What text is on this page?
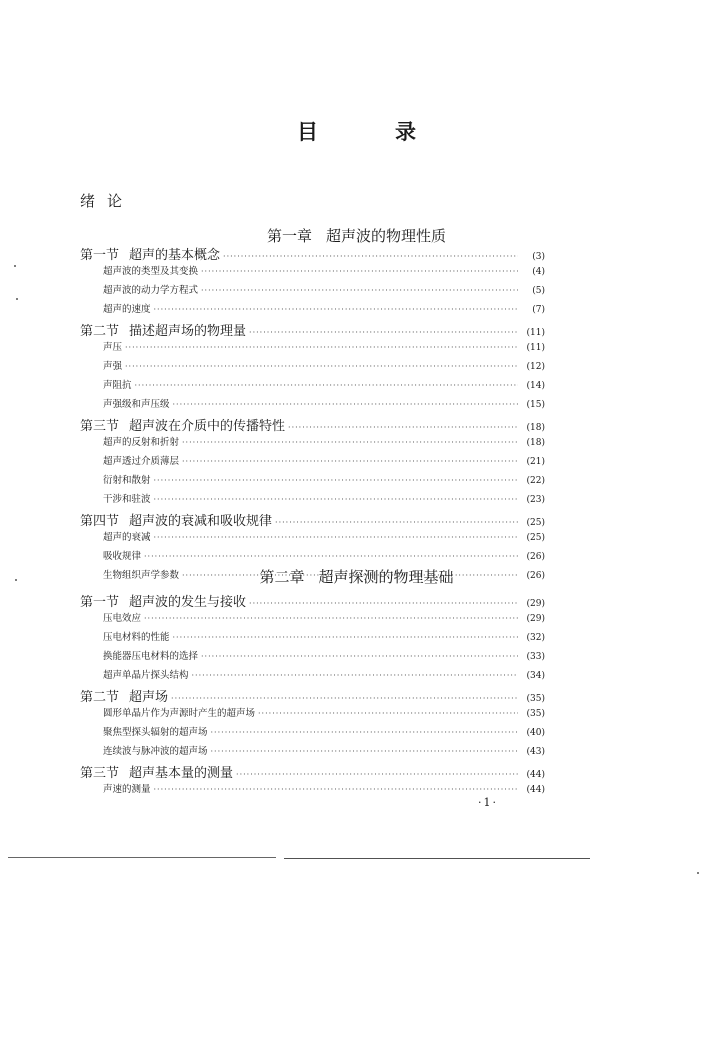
目　录
绪论
第一章 超声波的物理性质
第一节 超声的基本概念 ·····	(3)
超声波的类型及其变换 ·····	(4)
超声波的动力学方程式 ·····	(5)
超声的速度 ·····	(7)
第二节 描述超声场的物理量 ·····	(11)
声压 ·····	(11)
声强 ·····	(12)
声阻抗 ·····	(14)
声强级和声压级 ·····	(15)
第三节 超声波在介质中的传播特性 ·····	(18)
超声的反射和折射 ·····	(18)
超声透过介质薄层 ·····	(21)
衍射和散射 ·····	(22)
干涉和驻波 ·····	(23)
第四节 超声波的衰减和吸收规律 ·····	(25)
超声的衰减 ·····	(25)
吸收规律 ·····	(26)
生物组织声学参数 ·····	(26)
第二章 超声探测的物理基础
第一节 超声波的发生与接收 ·····	(29)
压电效应 ·····	(29)
压电材料的性能 ·····	(32)
换能器压电材料的选择 ·····	(33)
超声单晶片探头结构 ·····	(34)
第二节 超声场 ·····	(35)
圆形单晶片作为声源时产生的超声场 ·····	(35)
聚焦型探头辐射的超声场 ·····	(40)
连续波与脉冲波的超声场 ·····	(43)
第三节 超声基本量的测量 ·····	(44)
声速的测量 ·····	(44)
·1·
